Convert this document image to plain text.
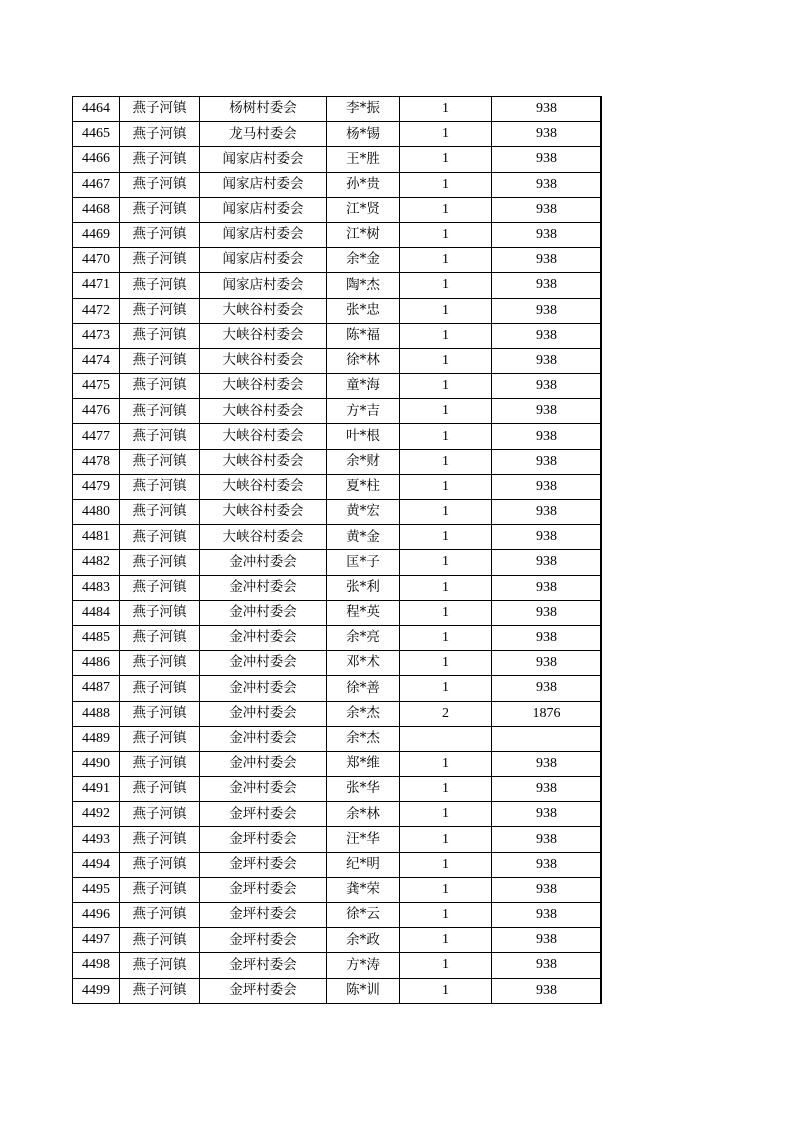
4464	燕子河镇	杨树村委会	李*振	1	938
4465	燕子河镇	龙马村委会	杨*锡	1	938
4466	燕子河镇	闻家店村委会	王*胜	1	938
4467	燕子河镇	闻家店村委会	孙*贵	1	938
4468	燕子河镇	闻家店村委会	江*贤	1	938
4469	燕子河镇	闻家店村委会	江*树	1	938
4470	燕子河镇	闻家店村委会	余*金	1	938
4471	燕子河镇	闻家店村委会	陶*杰	1	938
4472	燕子河镇	大峡谷村委会	张*忠	1	938
4473	燕子河镇	大峡谷村委会	陈*福	1	938
4474	燕子河镇	大峡谷村委会	徐*林	1	938
4475	燕子河镇	大峡谷村委会	童*海	1	938
4476	燕子河镇	大峡谷村委会	方*吉	1	938
4477	燕子河镇	大峡谷村委会	叶*根	1	938
4478	燕子河镇	大峡谷村委会	余*财	1	938
4479	燕子河镇	大峡谷村委会	夏*柱	1	938
4480	燕子河镇	大峡谷村委会	黄*宏	1	938
4481	燕子河镇	大峡谷村委会	黄*金	1	938
4482	燕子河镇	金冲村委会	匡*子	1	938
4483	燕子河镇	金冲村委会	张*利	1	938
4484	燕子河镇	金冲村委会	程*英	1	938
4485	燕子河镇	金冲村委会	余*亮	1	938
4486	燕子河镇	金冲村委会	邓*术	1	938
4487	燕子河镇	金冲村委会	徐*善	1	938
4488	燕子河镇	金冲村委会	余*杰	2	1876
4489	燕子河镇	金冲村委会	余*杰		
4490	燕子河镇	金冲村委会	郑*维	1	938
4491	燕子河镇	金冲村委会	张*华	1	938
4492	燕子河镇	金坪村委会	余*林	1	938
4493	燕子河镇	金坪村委会	汪*华	1	938
4494	燕子河镇	金坪村委会	纪*明	1	938
4495	燕子河镇	金坪村委会	龚*荣	1	938
4496	燕子河镇	金坪村委会	徐*云	1	938
4497	燕子河镇	金坪村委会	余*政	1	938
4498	燕子河镇	金坪村委会	方*涛	1	938
4499	燕子河镇	金坪村委会	陈*训	1	938
